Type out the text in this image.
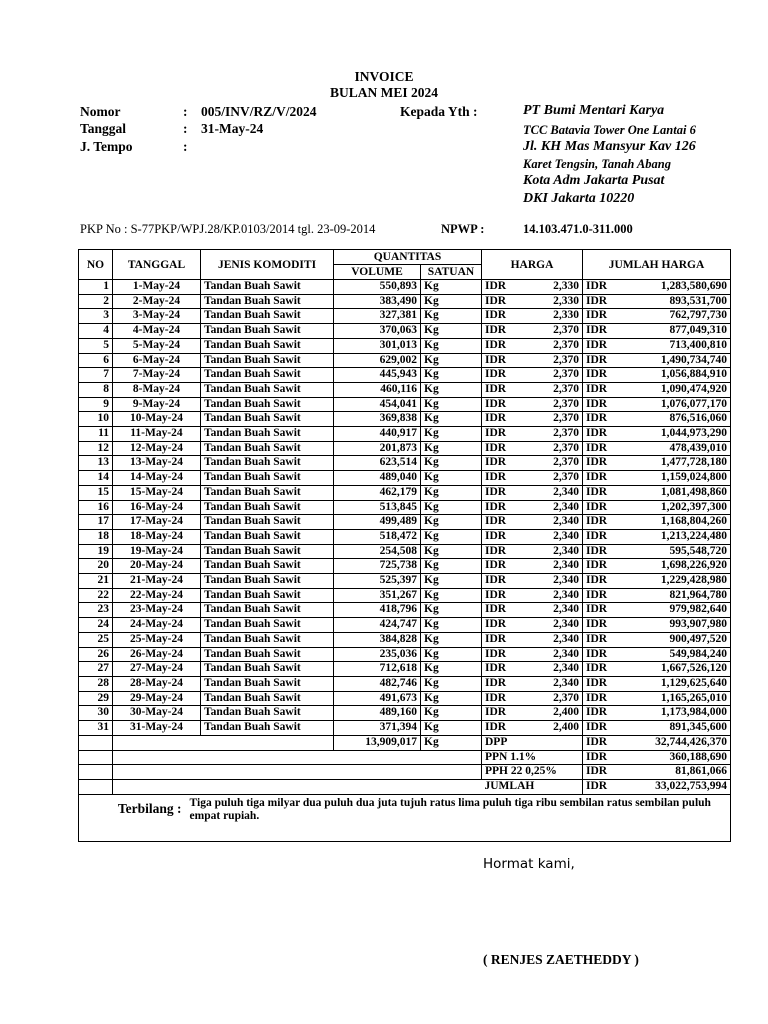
INVOICE
BULAN MEI 2024
Nomor	: 005/INV/RZ/V/2024
Tanggal	: 31-May-24
J. Tempo	:
Kepada Yth :	PT Bumi Mentari Karya
TCC Batavia Tower One Lantai 6
Jl. KH Mas Mansyur Kav 126
Karet Tengsin, Tanah Abang
Kota Adm Jakarta Pusat
DKI Jakarta 10220
PKP No : S-77PKP/WPJ.28/KP.0103/2014 tgl. 23-09-2014	NPWP :	14.103.471.0-311.000
NO	TANGGAL	JENIS KOMODITI	QUANTITAS		HARGA	JUMLAH HARGA
			VOLUME	SATUAN		
1	1-May-24	Tandan Buah Sawit	550,893	Kg	IDR 2,330	IDR 1,283,580,690

2	2-May-24	Tandan Buah Sawit	383,490	Kg	IDR 2,330	IDR 893,531,700

3	3-May-24	Tandan Buah Sawit	327,381	Kg	IDR 2,330	IDR 762,797,730

4	4-May-24	Tandan Buah Sawit	370,063	Kg	IDR 2,370	IDR 877,049,310

5	5-May-24	Tandan Buah Sawit	301,013	Kg	IDR 2,370	IDR 713,400,810

6	6-May-24	Tandan Buah Sawit	629,002	Kg	IDR 2,370	IDR 1,490,734,740

7	7-May-24	Tandan Buah Sawit	445,943	Kg	IDR 2,370	IDR 1,056,884,910

8	8-May-24	Tandan Buah Sawit	460,116	Kg	IDR 2,370	IDR 1,090,474,920

9	9-May-24	Tandan Buah Sawit	454,041	Kg	IDR 2,370	IDR 1,076,077,170

10	10-May-24	Tandan Buah Sawit	369,838	Kg	IDR 2,370	IDR 876,516,060

11	11-May-24	Tandan Buah Sawit	440,917	Kg	IDR 2,370	IDR 1,044,973,290

12	12-May-24	Tandan Buah Sawit	201,873	Kg	IDR 2,370	IDR 478,439,010

13	13-May-24	Tandan Buah Sawit	623,514	Kg	IDR 2,370	IDR 1,477,728,180

14	14-May-24	Tandan Buah Sawit	489,040	Kg	IDR 2,370	IDR 1,159,024,800

15	15-May-24	Tandan Buah Sawit	462,179	Kg	IDR 2,340	IDR 1,081,498,860

16	16-May-24	Tandan Buah Sawit	513,845	Kg	IDR 2,340	IDR 1,202,397,300

17	17-May-24	Tandan Buah Sawit	499,489	Kg	IDR 2,340	IDR 1,168,804,260

18	18-May-24	Tandan Buah Sawit	518,472	Kg	IDR 2,340	IDR 1,213,224,480

19	19-May-24	Tandan Buah Sawit	254,508	Kg	IDR 2,340	IDR 595,548,720

20	20-May-24	Tandan Buah Sawit	725,738	Kg	IDR 2,340	IDR 1,698,226,920

21	21-May-24	Tandan Buah Sawit	525,397	Kg	IDR 2,340	IDR 1,229,428,980

22	22-May-24	Tandan Buah Sawit	351,267	Kg	IDR 2,340	IDR 821,964,780

23	23-May-24	Tandan Buah Sawit	418,796	Kg	IDR 2,340	IDR 979,982,640

24	24-May-24	Tandan Buah Sawit	424,747	Kg	IDR 2,340	IDR 993,907,980

25	25-May-24	Tandan Buah Sawit	384,828	Kg	IDR 2,340	IDR 900,497,520

26	26-May-24	Tandan Buah Sawit	235,036	Kg	IDR 2,340	IDR 549,984,240

27	27-May-24	Tandan Buah Sawit	712,618	Kg	IDR 2,340	IDR 1,667,526,120

28	28-May-24	Tandan Buah Sawit	482,746	Kg	IDR 2,340	IDR 1,129,625,640

29	29-May-24	Tandan Buah Sawit	491,673	Kg	IDR 2,370	IDR 1,165,265,010

30	30-May-24	Tandan Buah Sawit	489,160	Kg	IDR 2,400	IDR 1,173,984,000

31	31-May-24	Tandan Buah Sawit	371,394	Kg	IDR 2,400	IDR 891,345,600

			13,909,017	Kg	DPP	IDR 32,744,426,370

					PPN 1.1%	IDR 360,188,690

					PPH 22 0,25%	IDR 81,861,066

					JUMLAH	IDR 33,022,753,994

Terbilang : Tiga puluh tiga milyar dua puluh dua juta tujuh ratus lima puluh tiga ribu sembilan ratus sembilan puluh empat rupiah.						
Hormat kami,
( RENJES ZAETHEDDY )
